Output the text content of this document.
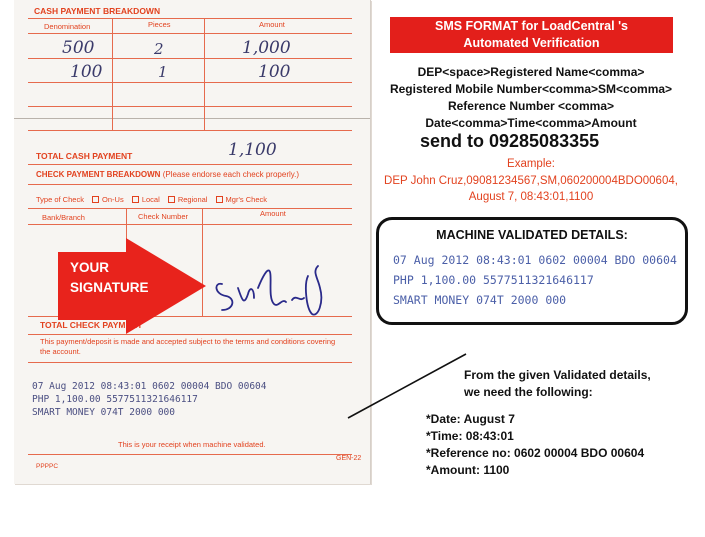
CASH PAYMENT BREAKDOWN
Denomination	Pieces	Amount
500	2	1,000
100	1	100
TOTAL CASH PAYMENT	1,100
CHECK PAYMENT BREAKDOWN (Please endorse each check properly.)
Type of Check On-Us Local Regional Mgr's Check
Bank/Branch	Check Number	Amount
TOTAL CHECK PAYMENT
This payment/deposit is made and accepted subject to the terms and conditions covering the account.
07 Aug 2012 08:43:01 0602 00004 BDO 00604
PHP 1,100.00 5577511321646117
SMART MONEY 074T 2000 000
This is your receipt when machine validated.
PPPPC
GEN-22
YOUR
SIGNATURE
SMS FORMAT for LoadCentral 's
Automated Verification
DEP<space>Registered Name<comma>
Registered Mobile Number<comma>SM<comma>
Reference Number <comma>
Date<comma>Time<comma>Amount
send to 09285083355
Example:
DEP John Cruz,09081234567,SM,060200004BDO00604,
August 7, 08:43:01,1100
MACHINE VALIDATED DETAILS:
07 Aug 2012 08:43:01 0602 00004 BDO 00604
PHP 1,100.00 5577511321646117
SMART MONEY 074T 2000 000
From the given Validated details,
we need the following:
*Date: August 7
*Time: 08:43:01
*Reference no: 0602 00004 BDO 00604
*Amount: 1100
